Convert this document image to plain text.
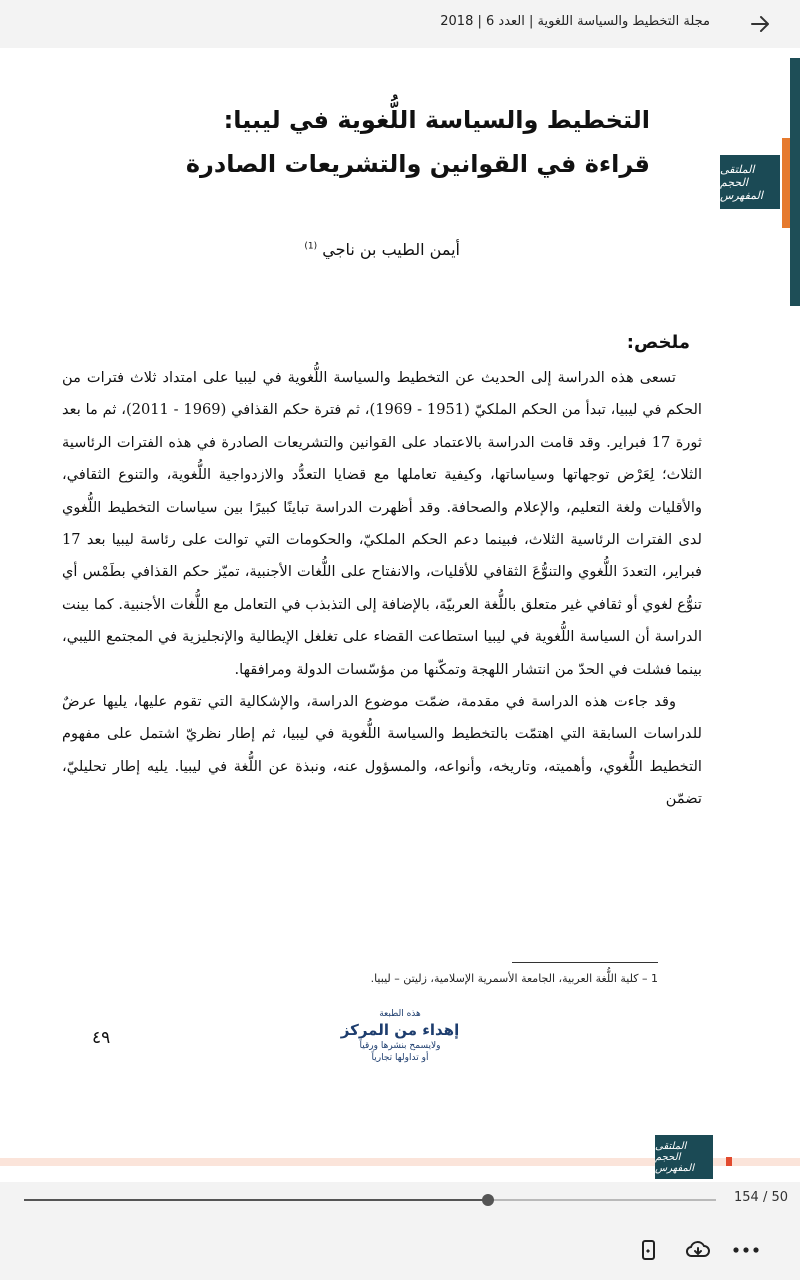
مجلة التخطيط والسياسة اللغوية | العدد 6 | 2018
الملتقى الحجم المفهرس
التخطيط والسياسة اللُّغوية في ليبيا:
قراءة في القوانين والتشريعات الصادرة
أيمن الطيب بن ناجي $^{(1)}$
ملخص:

تسعى هذه الدراسة إلى الحديث عن التخطيط والسياسة اللُّغوية في ليبيا على امتداد ثلاث فترات من الحكم في ليبيا، تبدأ من الحكم الملكيّ (1951 - 1969)، ثم فترة حكم القذافي (1969 - 2011)، ثم ما بعد ثورة 17 فبراير. وقد قامت الدراسة بالاعتماد على القوانين والتشريعات الصادرة في هذه الفترات الرئاسية الثلاث؛ لِعَرْض توجهاتها وسياساتها، وكيفية تعاملها مع قضايا التعدُّد والازدواجية اللُّغوية، والتنوع الثقافي، والأقليات ولغة التعليم، والإعلام والصحافة. وقد أظهرت الدراسة تباينًا كبيرًا بين سياسات التخطيط اللُّغوي لدى الفترات الرئاسية الثلاث، فبينما دعم الحكم الملكيّ، والحكومات التي توالت على رئاسة ليبيا بعد 17 فبراير، التعددَ اللُّغوي والتنوُّعَ الثقافي للأقليات، والانفتاح على اللُّغات الأجنبية، تميّز حكم القذافي بطَمْس أي تنوُّع لغوي أو ثقافي غير متعلق باللُّغة العربيّة، بالإضافة إلى التذبذب في التعامل مع اللُّغات الأجنبية. كما بينت الدراسة أن السياسة اللُّغوية في ليبيا استطاعت القضاء على تغلغل الإيطالية والإنجليزية في المجتمع الليبي، بينما فشلت في الحدّ من انتشار اللهجة وتمكّنها من مؤسّسات الدولة ومرافقها.

وقد جاءت هذه الدراسة في مقدمة، ضمّت موضوع الدراسة، والإشكالية التي تقوم عليها، يليها عرضٌ للدراسات السابقة التي اهتمّت بالتخطيط والسياسة اللُّغوية في ليبيا، ثم إطار نظريّ اشتمل على مفهوم التخطيط اللُّغوي، وأهميته، وتاريخه، وأنواعه، والمسؤول عنه، ونبذة عن اللُّغة في ليبيا. يليه إطار تحليليّ، تضمّن

1 – كلية اللُّغة العربية، الجامعة الأسمرية الإسلامية، زليتن – ليبيا.
٤٩
هذه الطبعة
إهداء من المركز
ولايسمح بنشرها ورقياً
أو تداولها تجارياً
الملتقى الحجم المفهرس
154 / 50
